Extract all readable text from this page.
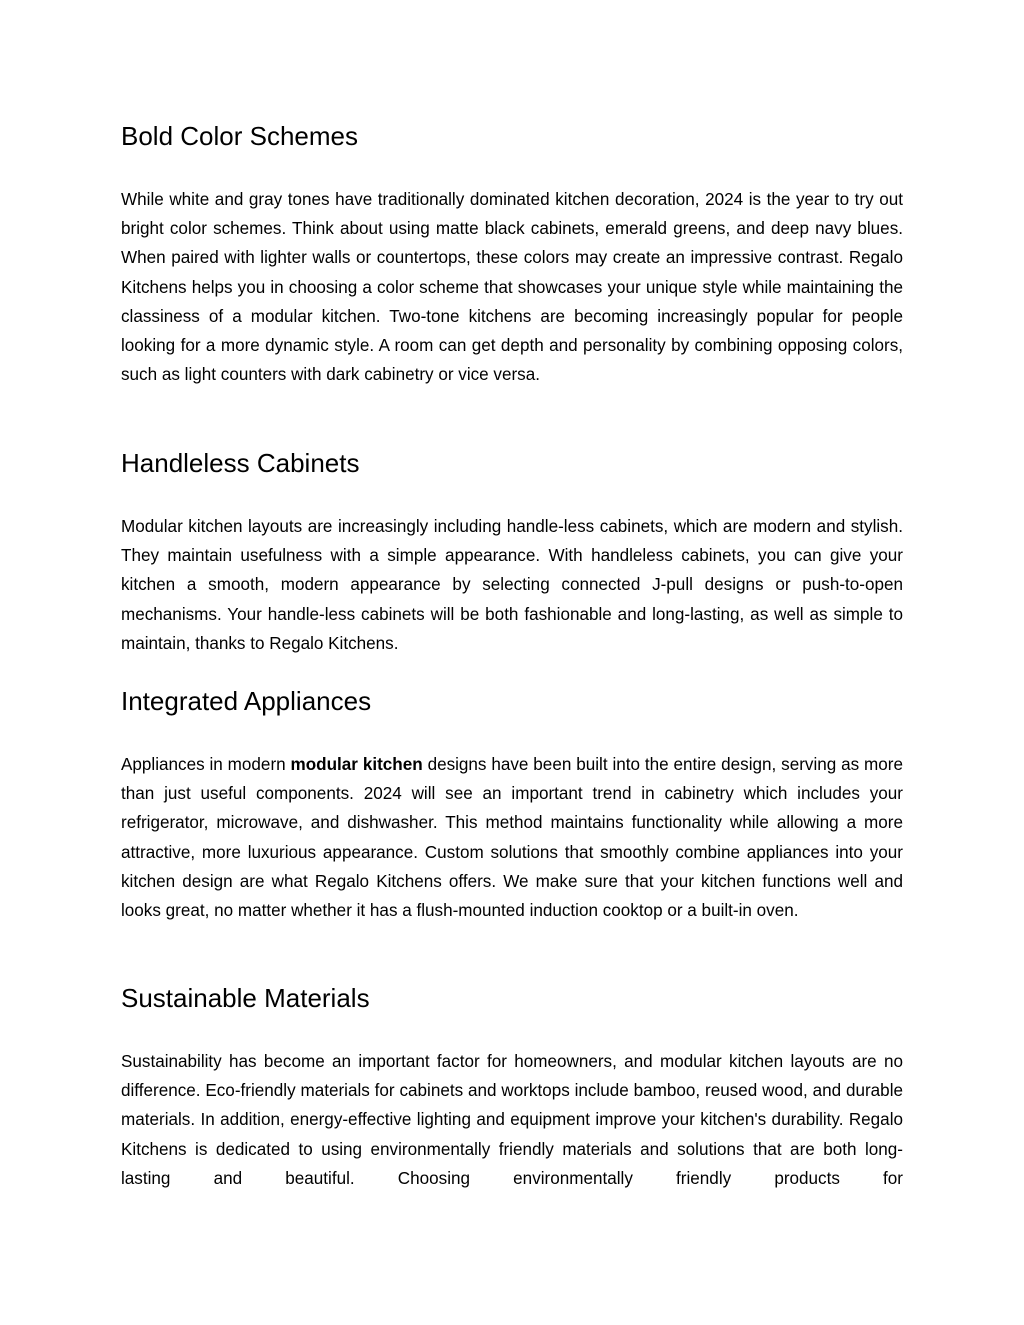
Bold Color Schemes

While white and gray tones have traditionally dominated kitchen decoration, 2024 is the year to try out bright color schemes. Think about using matte black cabinets, emerald greens, and deep navy blues. When paired with lighter walls or countertops, these colors may create an impressive contrast. Regalo Kitchens helps you in choosing a color scheme that showcases your unique style while maintaining the classiness of a modular kitchen. Two-tone kitchens are becoming increasingly popular for people looking for a more dynamic style. A room can get depth and personality by combining opposing colors, such as light counters with dark cabinetry or vice versa.

Handleless Cabinets

Modular kitchen layouts are increasingly including handle-less cabinets, which are modern and stylish. They maintain usefulness with a simple appearance. With handleless cabinets, you can give your kitchen a smooth, modern appearance by selecting connected J-pull designs or push-to-open mechanisms. Your handle-less cabinets will be both fashionable and long-lasting, as well as simple to maintain, thanks to Regalo Kitchens.

Integrated Appliances

Appliances in modern modular kitchen designs have been built into the entire design, serving as more than just useful components. 2024 will see an important trend in cabinetry which includes your refrigerator, microwave, and dishwasher. This method maintains functionality while allowing a more attractive, more luxurious appearance. Custom solutions that smoothly combine appliances into your kitchen design are what Regalo Kitchens offers. We make sure that your kitchen functions well and looks great, no matter whether it has a flush-mounted induction cooktop or a built-in oven.

Sustainable Materials

Sustainability has become an important factor for homeowners, and modular kitchen layouts are no difference. Eco-friendly materials for cabinets and worktops include bamboo, reused wood, and durable materials. In addition, energy-effective lighting and equipment improve your kitchen's durability. Regalo Kitchens is dedicated to using environmentally friendly materials and solutions that are both long-lasting and beautiful. Choosing environmentally friendly products for
